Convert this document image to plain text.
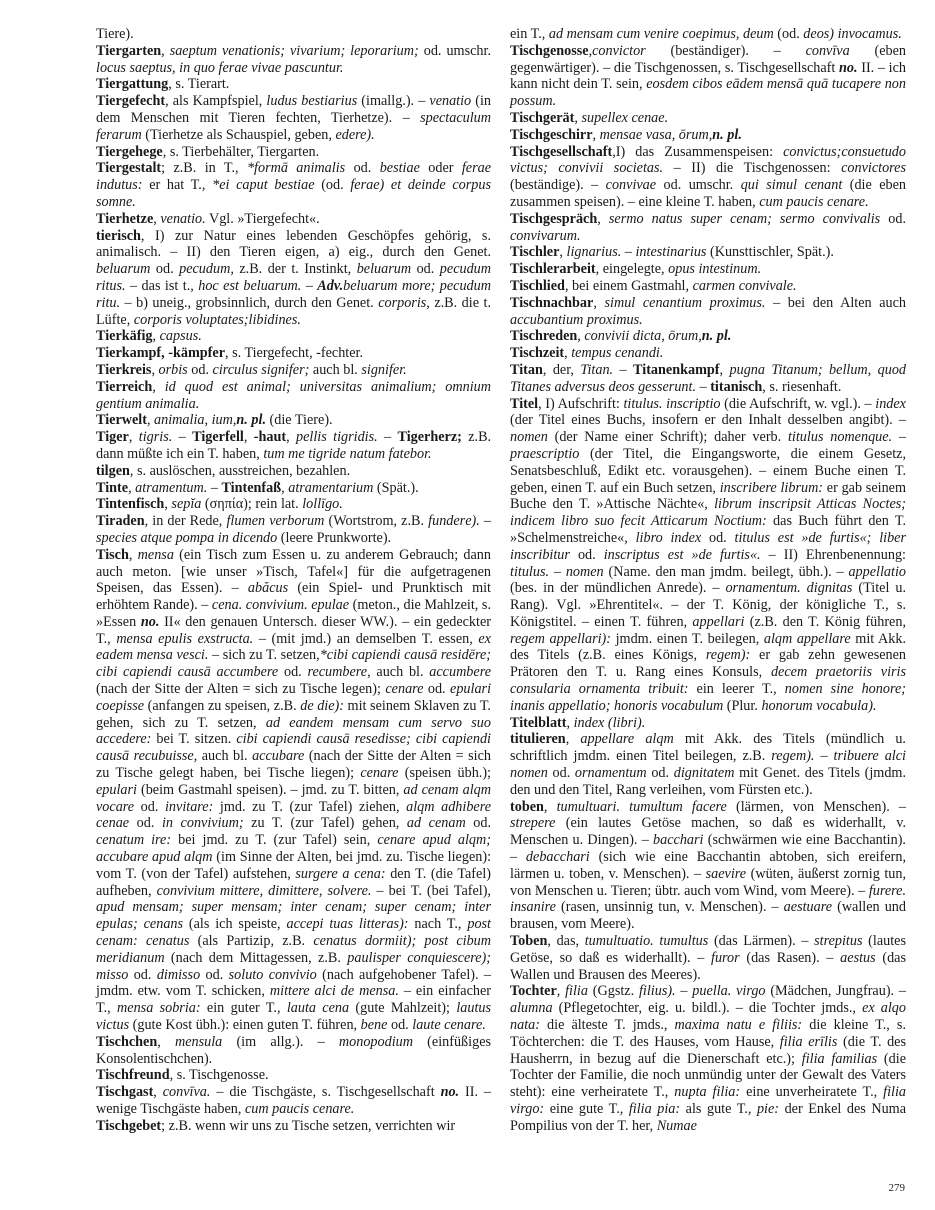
Tiere).

Tiergarten, saeptum venationis; vivarium; leporarium; od. umschr. locus saeptus, in quo ferae vivae pascuntur.

Tiergattung, s. Tierart.

Tiergefecht, als Kampfspiel, ludus bestiarius (imallg.). – venatio (in dem Menschen mit Tieren fechten, Tierhetze). – spectaculum ferarum (Tierhetze als Schauspiel, geben, edere).

Tiergehege, s. Tierbehälter, Tiergarten.

Tiergestalt; z.B. in T., *formā animalis od. bestiae oder ferae indutus: er hat T., *ei caput bestiae (od. ferae) et deinde corpus somne.

Tierhetze, venatio. Vgl. »Tiergefecht«.

tierisch, I) zur Natur eines lebenden Geschöpfes gehörig, s. animalisch. – II) den Tieren eigen, a) eig., durch den Genet. beluarum od. pecudum, z.B. der t. Instinkt, beluarum od. pecudum ritus. – das ist t., hoc est beluarum. – Adv.beluarum more; pecudum ritu. – b) uneig., grobsinnlich, durch den Genet. corporis, z.B. die t. Lüfte, corporis voluptates;libidines.

Tierkäfig, capsus.

Tierkampf, -kämpfer, s. Tiergefecht, -fechter.

Tierkreis, orbis od. circulus signifer; auch bl. signifer.

Tierreich, id quod est animal; universitas animalium; omnium gentium animalia.

Tierwelt, animalia, ium,n. pl. (die Tiere).

Tiger, tigris. – Tigerfell, -haut, pellis tigridis. – Tigerherz; z.B. dann müßte ich ein T. haben, tum me tigride natum fatebor.

tilgen, s. auslöschen, ausstreichen, bezahlen.

Tinte, atramentum. – Tintenfaß, atramentarium (Spät.).

Tintenfisch, sepĭa (σηπία); rein lat. lollīgo.

Tiraden, in der Rede, flumen verborum (Wortstrom, z.B. funderе). – species atque pompa in dicendo (leere Prunkworte).

Tisch, mensa (ein Tisch zum Essen u. zu anderem Gebrauch; dann auch meton. [wie unser »Tisch, Tafel«] für die aufgetragenen Speisen, das Essen). – abăcus (ein Spiel- und Prunktisch mit erhöhtem Rande). – cena. convivium. epulae (meton., die Mahlzeit, s. »Essen no. II« den genauen Untersch. dieser WW.). – ein gedeckter T., mensa epulis exstructa. – (mit jmd.) an demselben T. essen, ex eadem mensa vesci. – sich zu T. setzen,*cibi capiendi causā residēre; cibi capiendi causā accumbere od. recumbere, auch bl. accumbere (nach der Sitte der Alten = sich zu Tische legen); cenare od. epulari coepisse (anfangen zu speisen, z.B. de die): mit seinem Sklaven zu T. gehen, sich zu T. setzen, ad eandem mensam cum servo suo accedere: bei T. sitzen. cibi capiendi causā resedisse; cibi capiendi causā recubuisse, auch bl. accubare (nach der Sitte der Alten = sich zu Tische gelegt haben, bei Tische liegen); cenare (speisen übh.); epulari (beim Gastmahl speisen). – jmd. zu T. bitten, ad cenam alqm vocare od. invitare: jmd. zu T. (zur Tafel) ziehen, alqm adhibere cenae od. in convivium; zu T. (zur Tafel) gehen, ad cenam od. cenatum ire: bei jmd. zu T. (zur Tafel) sein, cenare apud alqm; accubare apud alqm (im Sinne der Alten, bei jmd. zu. Tische liegen): vom T. (von der Tafel) aufstehen, surgere a cena: den T. (die Tafel) aufheben, convivium mittere, dimittere, solvere. – bei T. (bei Tafel), apud mensam; super mensam; inter cenam; super cenam; inter epulas; cenans (als ich speiste, accepi tuas litteras): nach T., post cenam: cenatus (als Partizip, z.B. cenatus dormiit); post cibum meridianum (nach dem Mittagessen, z.B. paulisper conquiescere); misso od. dimisso od. soluto convivio (nach aufgehobener Tafel). – jmdm. etw. vom T. schicken, mittere alci de mensa. – ein einfacher T., mensa sobria: ein guter T., lauta cena (gute Mahlzeit); lautus victus (gute Kost übh.): einen guten T. führen, bene od. laute cenare.

Tischchen, mensula (im allg.). – monopodium (einfüßiges Konsolentischchen).

Tischfreund, s. Tischgenosse.

Tischgast, convīva. – die Tischgäste, s. Tischgesellschaft no. II. – wenige Tischgäste haben, cum paucis cenare.

Tischgebet; z.B. wenn wir uns zu Tische setzen, verrichten wir

ein T., ad mensam cum venire coepimus, deum (od. deos) invocamus.

Tischgenosse,convictor (beständiger). – convīva (eben gegenwärtiger). – die Tischgenossen, s. Tischgesellschaft no. II. – ich kann nicht dein T. sein, eosdem cibos eādem mensā quā tucapere non possum.

Tischgerät, supellex cenae.

Tischgeschirr, mensae vasa, ōrum,n. pl.

Tischgesellschaft,I) das Zusammenspeisen: convictus;consuetudo victus; convivii societas. – II) die Tischgenossen: convictores (beständige). – convivae od. umschr. qui simul cenant (die eben zusammen speisen). – eine kleine T. haben, cum paucis cenare.

Tischgespräch, sermo natus super cenam; sermo convivalis od. convivarum.

Tischler, lignarius. – intestinarius (Kunsttischler, Spät.).

Tischlerarbeit, eingelegte, opus intestinum.

Tischlied, bei einem Gastmahl, carmen convivale.

Tischnachbar, simul cenantium proximus. – bei den Alten auch accubantium proximus.

Tischreden, convivii dicta, ōrum,n. pl.

Tischzeit, tempus cenandi.

Titan, der, Titan. – Titanenkampf, pugna Titanum; bellum, quod Titanes adversus deos gesserunt. – titanisch, s. riesenhaft.

Titel, I) Aufschrift: titulus. inscriptio (die Aufschrift, w. vgl.). – index (der Titel eines Buchs, insofern er den Inhalt desselben angibt). – nomen (der Name einer Schrift); daher verb. titulus nomenque. – praescriptio (der Titel, die Eingangsworte, die einem Gesetz, Senatsbeschluß, Edikt etc. vorausgehen). – einem Buche einen T. geben, einen T. auf ein Buch setzen, inscribere librum: er gab seinem Buche den T. »Attische Nächte«, librum inscripsit Atticas Noctes; indicem libro suo fecit Atticarum Noctium: das Buch führt den T. »Schelmenstreiche«, libro index od. titulus est »de furtis«; liber inscribitur od. inscriptus est »de furtis«. – II) Ehrenbenennung: titulus. – nomen (Name. den man jmdm. beilegt, übh.). – appellatio (bes. in der mündlichen Anrede). – ornamentum. dignitas (Titel u. Rang). Vgl. »Ehrentitel«. – der T. König, der königliche T., s. Königstitel. – einen T. führen, appellari (z.B. den T. König führen, regem appellari): jmdm. einen T. beilegen, alqm appellare mit Akk. des Titels (z.B. eines Königs, regem): er gab zehn gewesenen Prätoren den T. u. Rang eines Konsuls, decem praetoriis viris consularia ornamenta tribuit: ein leerer T., nomen sine honore; inanis appellatio; honoris vocabulum (Plur. honorum vocabula).

Titelblatt, index (libri).

titulieren, appellare alqm mit Akk. des Titels (mündlich u. schriftlich jmdm. einen Titel beilegen, z.B. regem). – tribuere alci nomen od. ornamentum od. dignitatem mit Genet. des Titels (jmdm. den und den Titel, Rang verleihen, vom Fürsten etc.).

toben, tumultuari. tumultum facere (lärmen, von Menschen). – strepere (ein lautes Getöse machen, so daß es widerhallt, v. Menschen u. Dingen). – bacchari (schwärmen wie eine Bacchantin). – debacchari (sich wie eine Bacchantin abtoben, sich ereifern, lärmen u. toben, v. Menschen). – saevire (wüten, äußerst zornig tun, von Menschen u. Tieren; übtr. auch vom Wind, vom Meere). – furere. insanire (rasen, unsinnig tun, v. Menschen). – aestuare (wallen und brausen, vom Meere).

Toben, das, tumultuatio. tumultus (das Lärmen). – strepitus (lautes Getöse, so daß es widerhallt). – furor (das Rasen). – aestus (das Wallen und Brausen des Meeres).

Tochter, filia (Ggstz. filius). – puella. virgo (Mädchen, Jungfrau). – alumna (Pflegetochter, eig. u. bildl.). – die Tochter jmds., ex alqo nata: die älteste T. jmds., maxima natu e filiis: die kleine T., s. Töchterchen: die T. des Hauses, vom Hause, filia erīlis (die T. des Hausherrn, in bezug auf die Dienerschaft etc.); filia familias (die Tochter der Familie, die noch unmündig unter der Gewalt des Vaters steht): eine verheiratete T., nupta filia: eine unverheiratete T., filia virgo: eine gute T., filia pia: als gute T., pie: der Enkel des Numa Pompilius von der T. her, Numae

279
